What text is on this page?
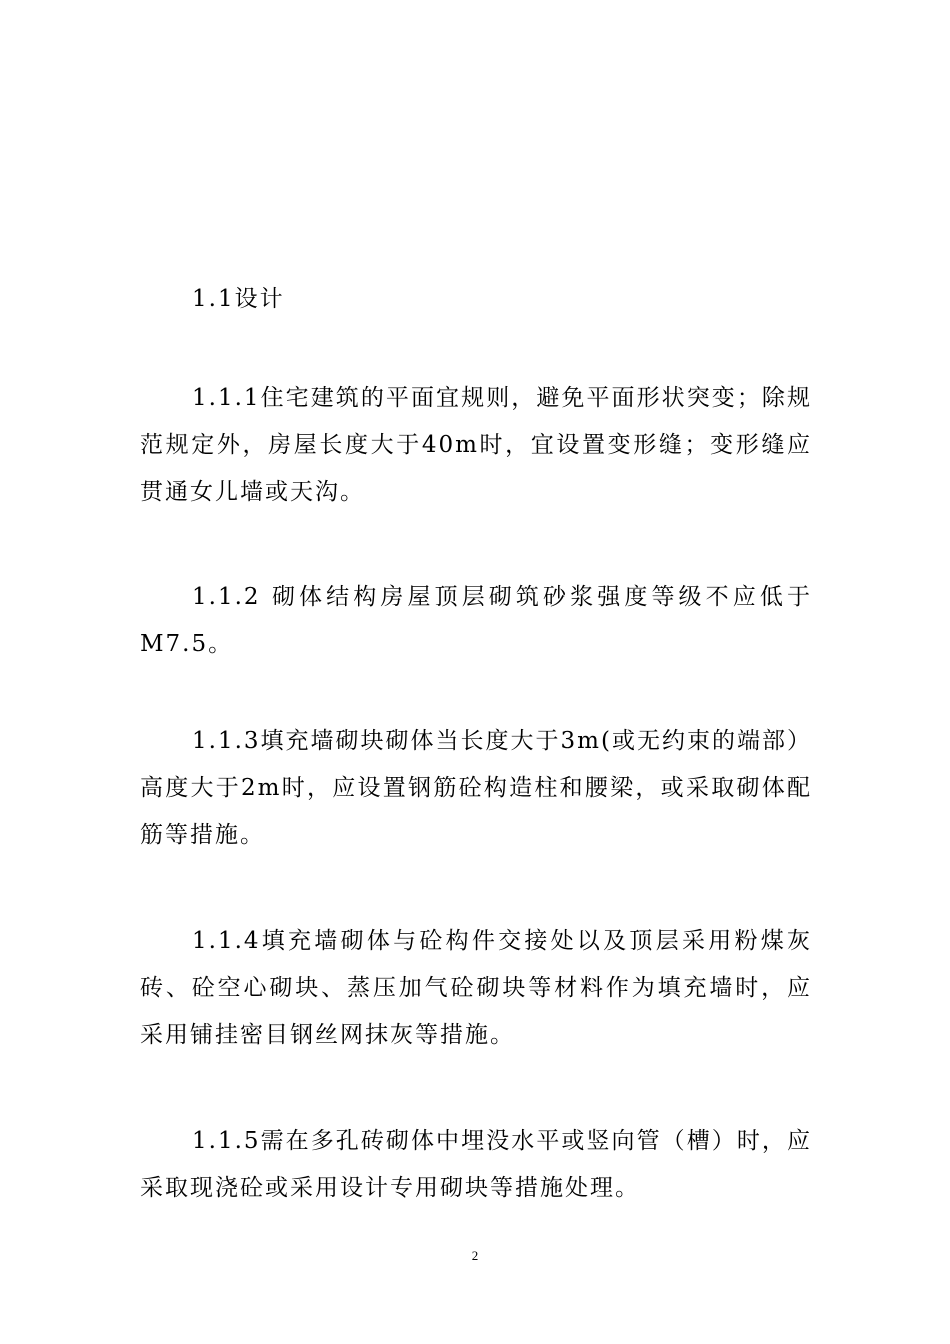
1.1设计

1.1.1住宅建筑的平面宜规则，避免平面形状突变；除规范规定外，房屋长度大于40m时，宜设置变形缝；变形缝应贯通女儿墙或天沟。

1.1.2 砌体结构房屋顶层砌筑砂浆强度等级不应低于M7.5。

1.1.3填充墙砌块砌体当长度大于3m(或无约束的端部）高度大于2m时，应设置钢筋砼构造柱和腰梁，或采取砌体配筋等措施。

1.1.4填充墙砌体与砼构件交接处以及顶层采用粉煤灰砖、砼空心砌块、蒸压加气砼砌块等材料作为填充墙时，应采用铺挂密目钢丝网抹灰等措施。

1.1.5需在多孔砖砌体中埋没水平或竖向管（槽）时，应采取现浇砼或采用设计专用砌块等措施处理。

2
